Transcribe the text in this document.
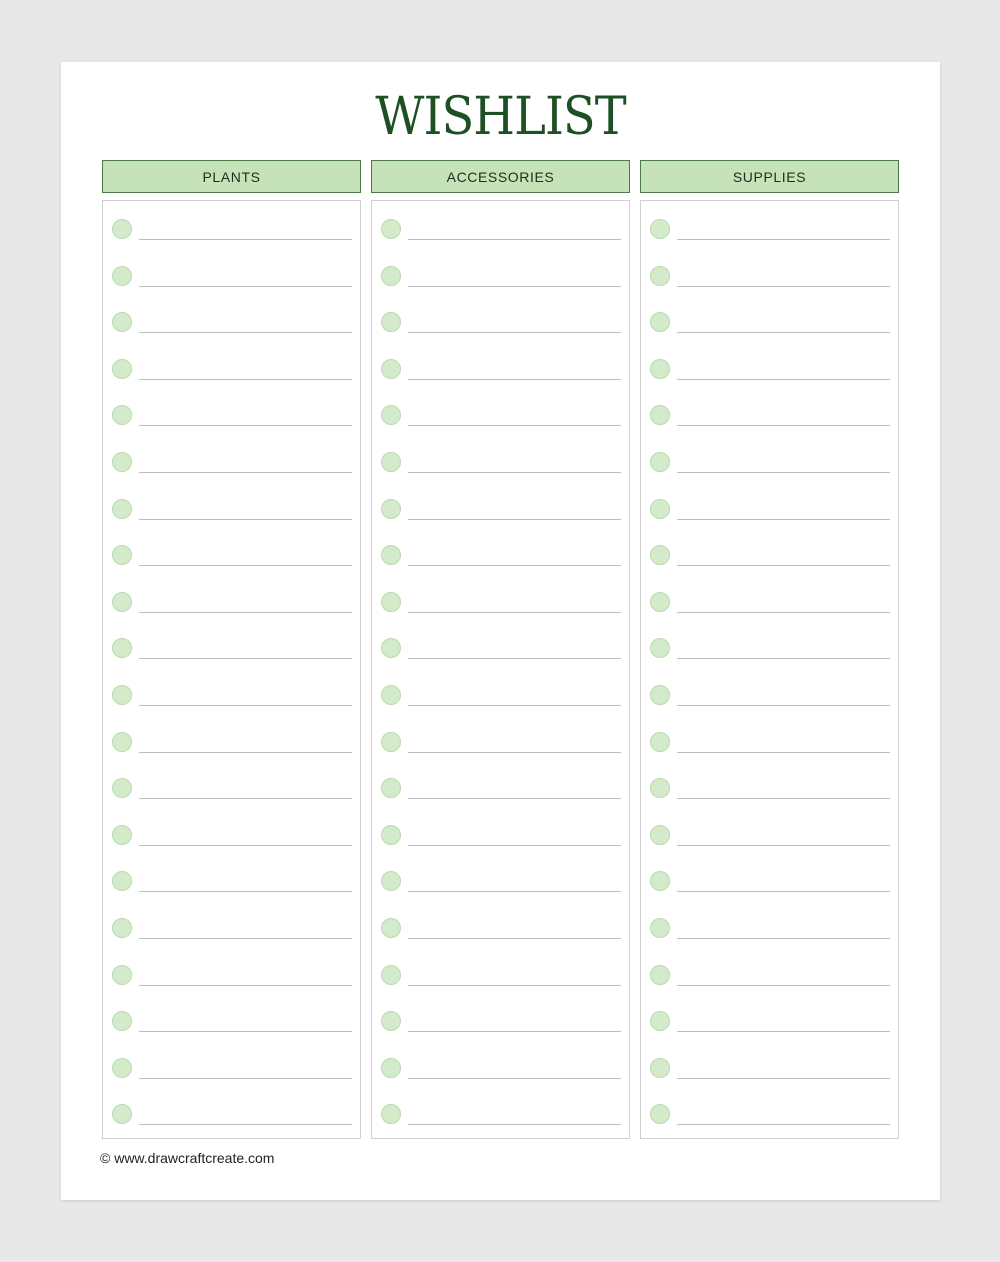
WISHLIST
PLANTS	ACCESSORIES	SUPPLIES
© www.drawcraftcreate.com
